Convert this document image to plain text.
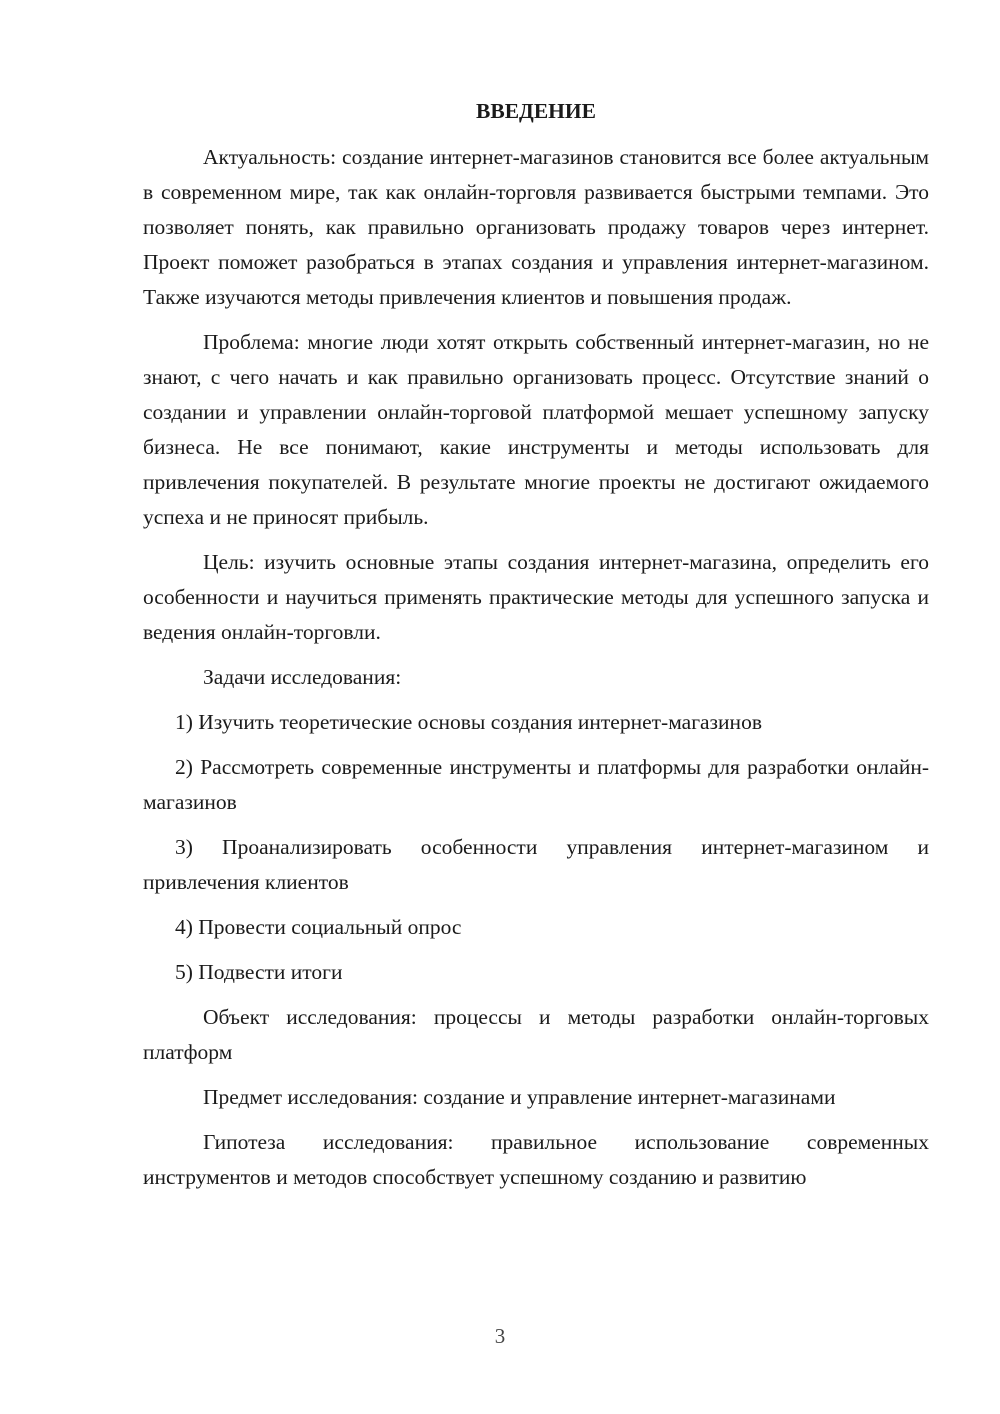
ВВЕДЕНИЕ

Актуальность: создание интернет-магазинов становится все более актуальным в современном мире, так как онлайн-торговля развивается быстрыми темпами. Это позволяет понять, как правильно организовать продажу товаров через интернет. Проект поможет разобраться в этапах создания и управления интернет-магазином. Также изучаются методы привлечения клиентов и повышения продаж.

Проблема: многие люди хотят открыть собственный интернет-магазин, но не знают, с чего начать и как правильно организовать процесс. Отсутствие знаний о создании и управлении онлайн-торговой платформой мешает успешному запуску бизнеса. Не все понимают, какие инструменты и методы использовать для привлечения покупателей. В результате многие проекты не достигают ожидаемого успеха и не приносят прибыль.

Цель: изучить основные этапы создания интернет-магазина, определить его особенности и научиться применять практические методы для успешного запуска и ведения онлайн-торговли.

Задачи исследования:

1) Изучить теоретические основы создания интернет-магазинов

2) Рассмотреть современные инструменты и платформы для разработки онлайн-магазинов

3) Проанализировать особенности управления интернет-магазином и привлечения клиентов

4) Провести социальный опрос

5) Подвести итоги

Объект исследования: процессы и методы разработки онлайн-торговых платформ

Предмет исследования: создание и управление интернет-магазинами

Гипотеза исследования: правильное использование современных инструментов и методов способствует успешному созданию и развитию

3
